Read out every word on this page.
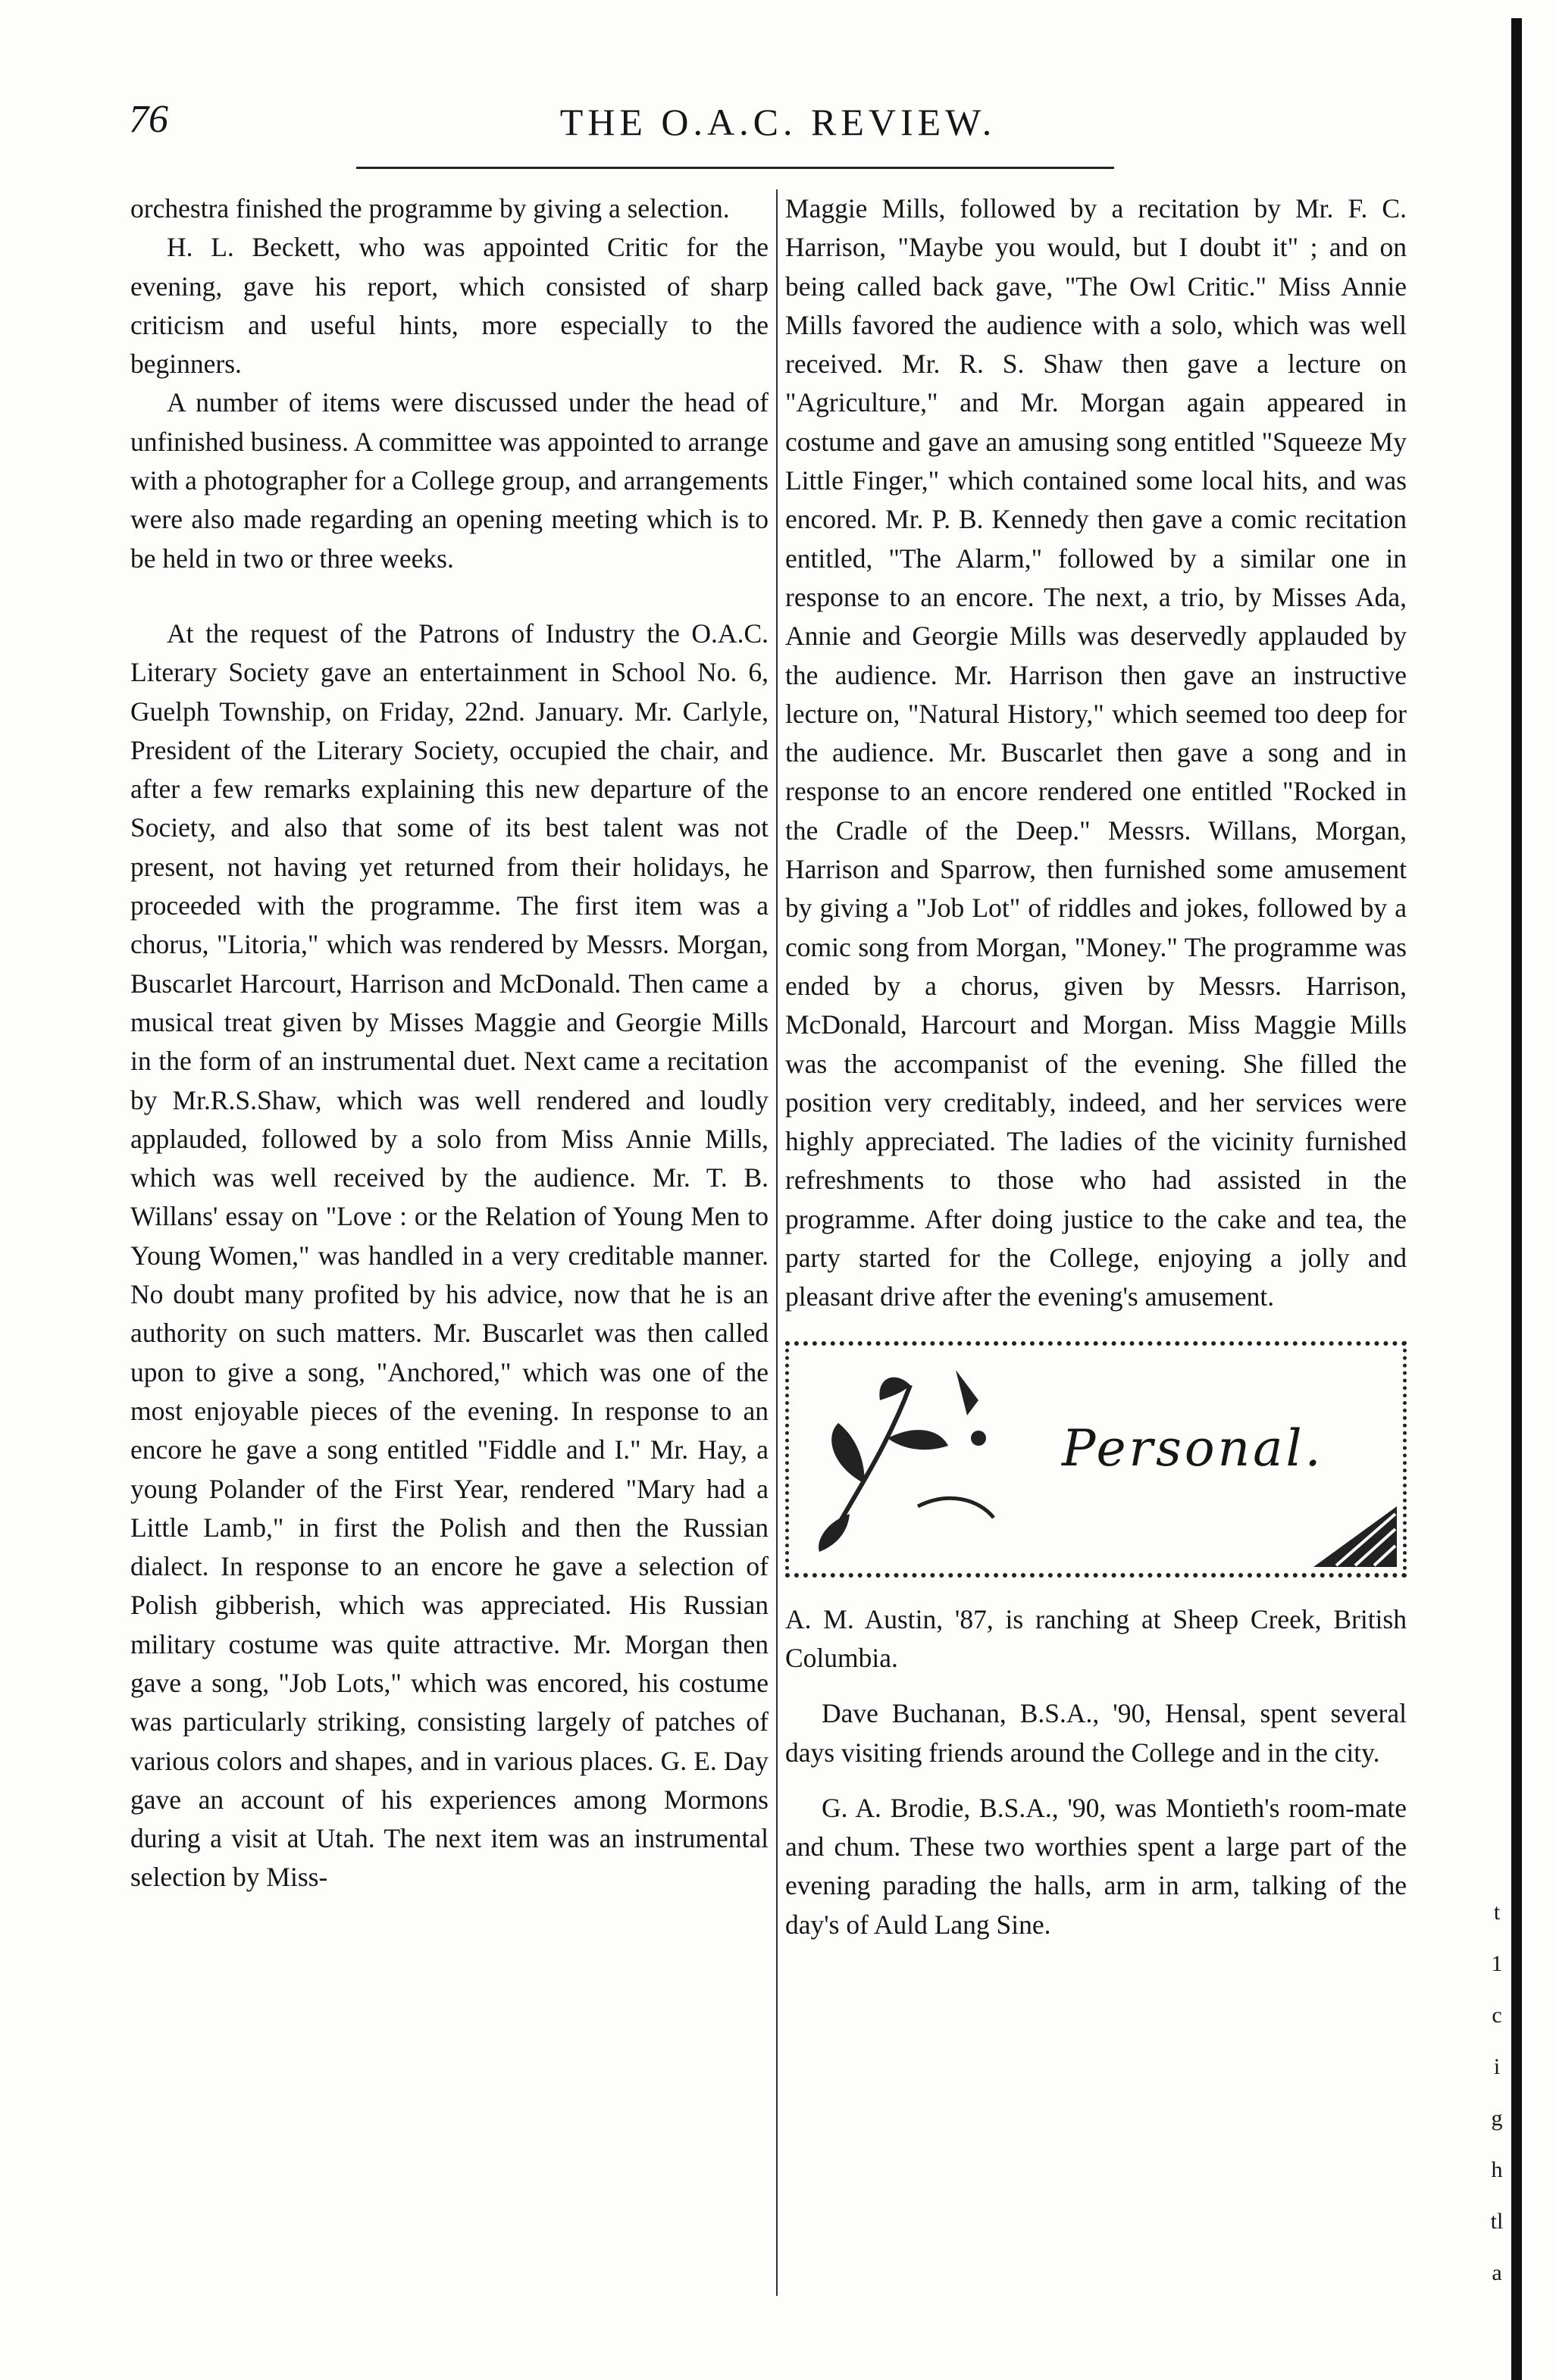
76	THE O.A.C. REVIEW.

orchestra finished the programme by giving a selection.

H. L. Beckett, who was appointed Critic for the evening, gave his report, which consisted of sharp criticism and useful hints, more especially to the beginners.

A number of items were discussed under the head of unfinished business. A committee was appointed to arrange with a photographer for a College group, and arrangements were also made regarding an opening meeting which is to be held in two or three weeks.

At the request of the Patrons of Industry the O.A.C. Literary Society gave an entertainment in School No. 6, Guelph Township, on Friday, 22nd. January. Mr. Carlyle, President of the Literary Society, occupied the chair, and after a few remarks explaining this new departure of the Society, and also that some of its best talent was not present, not having yet returned from their holidays, he proceeded with the programme. The first item was a chorus, "Litoria," which was rendered by Messrs. Morgan, Buscarlet Harcourt, Harrison and McDonald. Then came a musical treat given by Misses Maggie and Georgie Mills in the form of an instrumental duet. Next came a recitation by Mr.R.S.Shaw, which was well rendered and loudly applauded, followed by a solo from Miss Annie Mills, which was well received by the audience. Mr. T. B. Willans' essay on "Love : or the Relation of Young Men to Young Women," was handled in a very creditable manner. No doubt many profited by his advice, now that he is an authority on such matters. Mr. Buscarlet was then called upon to give a song, "Anchored," which was one of the most enjoyable pieces of the evening. In response to an encore he gave a song entitled "Fiddle and I." Mr. Hay, a young Polander of the First Year, rendered "Mary had a Little Lamb," in first the Polish and then the Russian dialect. In response to an encore he gave a selection of Polish gibberish, which was appreciated. His Russian military costume was quite attractive. Mr. Morgan then gave a song, "Job Lots," which was encored, his costume was particularly striking, consisting largely of patches of various colors and shapes, and in various places. G. E. Day gave an account of his experiences among Mormons during a visit at Utah. The next item was an instrumental selection by Miss-

Maggie Mills, followed by a recitation by Mr. F. C. Harrison, "Maybe you would, but I doubt it" ; and on being called back gave, "The Owl Critic." Miss Annie Mills favored the audience with a solo, which was well received. Mr. R. S. Shaw then gave a lecture on "Agriculture," and Mr. Morgan again appeared in costume and gave an amusing song entitled "Squeeze My Little Finger," which contained some local hits, and was encored. Mr. P. B. Kennedy then gave a comic recitation entitled, "The Alarm," followed by a similar one in response to an encore. The next, a trio, by Misses Ada, Annie and Georgie Mills was deservedly applauded by the audience. Mr. Harrison then gave an instructive lecture on, "Natural History," which seemed too deep for the audience. Mr. Buscarlet then gave a song and in response to an encore rendered one entitled "Rocked in the Cradle of the Deep." Messrs. Willans, Morgan, Harrison and Sparrow, then furnished some amusement by giving a "Job Lot" of riddles and jokes, followed by a comic song from Morgan, "Money." The programme was ended by a chorus, given by Messrs. Harrison, McDonald, Harcourt and Morgan. Miss Maggie Mills was the accompanist of the evening. She filled the position very creditably, indeed, and her services were highly appreciated. The ladies of the vicinity furnished refreshments to those who had assisted in the programme. After doing justice to the cake and tea, the party started for the College, enjoying a jolly and pleasant drive after the evening's amusement.

Personal.

A. M. Austin, '87, is ranching at Sheep Creek, British Columbia.

Dave Buchanan, B.S.A., '90, Hensal, spent several days visiting friends around the College and in the city.

G. A. Brodie, B.S.A., '90, was Montieth's room-mate and chum. These two worthies spent a large part of the evening parading the halls, arm in arm, talking of the day's of Auld Lang Sine.	t
1
c
i
g
h
tl
a
